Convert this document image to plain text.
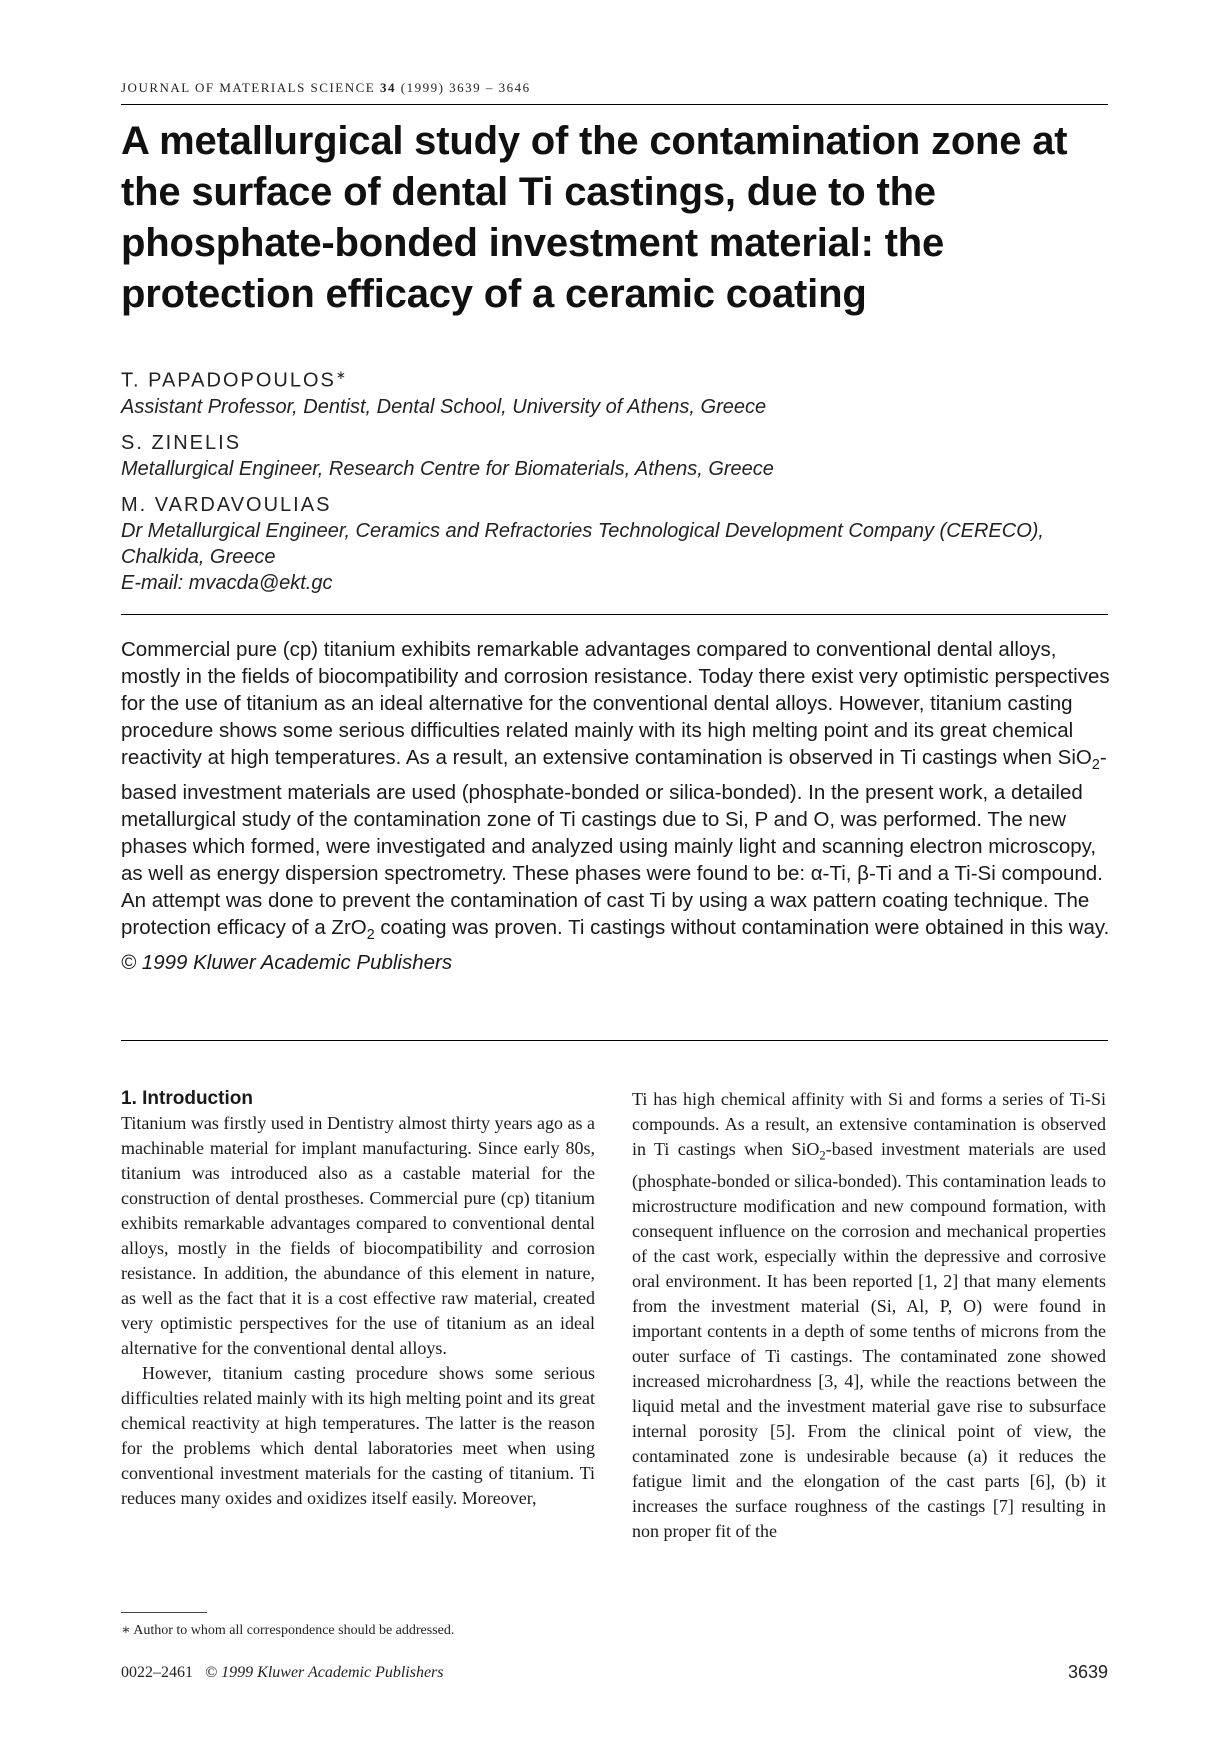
JOURNAL OF MATERIALS SCIENCE 34 (1999) 3639 – 3646
A metallurgical study of the contamination zone at the surface of dental Ti castings, due to the phosphate-bonded investment material: the protection efficacy of a ceramic coating
T. PAPADOPOULOS∗
Assistant Professor, Dentist, Dental School, University of Athens, Greece
S. ZINELIS
Metallurgical Engineer, Research Centre for Biomaterials, Athens, Greece
M. VARDAVOULIAS
Dr Metallurgical Engineer, Ceramics and Refractories Technological Development Company (CERECO), Chalkida, Greece
E-mail: mvacda@ekt.gc

Commercial pure (cp) titanium exhibits remarkable advantages compared to conventional dental alloys, mostly in the fields of biocompatibility and corrosion resistance. Today there exist very optimistic perspectives for the use of titanium as an ideal alternative for the conventional dental alloys. However, titanium casting procedure shows some serious difficulties related mainly with its high melting point and its great chemical reactivity at high temperatures. As a result, an extensive contamination is observed in Ti castings when SiO$_2$-based investment materials are used (phosphate-bonded or silica-bonded). In the present work, a detailed metallurgical study of the contamination zone of Ti castings due to Si, P and O, was performed. The new phases which formed, were investigated and analyzed using mainly light and scanning electron microscopy, as well as energy dispersion spectrometry. These phases were found to be: α-Ti, β-Ti and a Ti-Si compound. An attempt was done to prevent the contamination of cast Ti by using a wax pattern coating technique. The protection efficacy of a ZrO$_2$ coating was proven. Ti castings without contamination were obtained in this way. © 1999 Kluwer Academic Publishers

1. Introduction

Titanium was firstly used in Dentistry almost thirty years ago as a machinable material for implant manufacturing. Since early 80s, titanium was introduced also as a castable material for the construction of dental prostheses. Commercial pure (cp) titanium exhibits remarkable advantages compared to conventional dental alloys, mostly in the fields of biocompatibility and corrosion resistance. In addition, the abundance of this element in nature, as well as the fact that it is a cost effective raw material, created very optimistic perspectives for the use of titanium as an ideal alternative for the conventional dental alloys.

However, titanium casting procedure shows some serious difficulties related mainly with its high melting point and its great chemical reactivity at high temperatures. The latter is the reason for the problems which dental laboratories meet when using conventional investment materials for the casting of titanium. Ti reduces many oxides and oxidizes itself easily. Moreover,

Ti has high chemical affinity with Si and forms a series of Ti-Si compounds. As a result, an extensive contamination is observed in Ti castings when SiO$_2$-based investment materials are used (phosphate-bonded or silica-bonded). This contamination leads to microstructure modification and new compound formation, with consequent influence on the corrosion and mechanical properties of the cast work, especially within the depressive and corrosive oral environment. It has been reported [1, 2] that many elements from the investment material (Si, Al, P, O) were found in important contents in a depth of some tenths of microns from the outer surface of Ti castings. The contaminated zone showed increased microhardness [3, 4], while the reactions between the liquid metal and the investment material gave rise to subsurface internal porosity [5]. From the clinical point of view, the contaminated zone is undesirable because (a) it reduces the fatigue limit and the elongation of the cast parts [6], (b) it increases the surface roughness of the castings [7] resulting in non proper fit of the

∗ Author to whom all correspondence should be addressed.
0022–2461 © 1999 Kluwer Academic Publishers	3639
